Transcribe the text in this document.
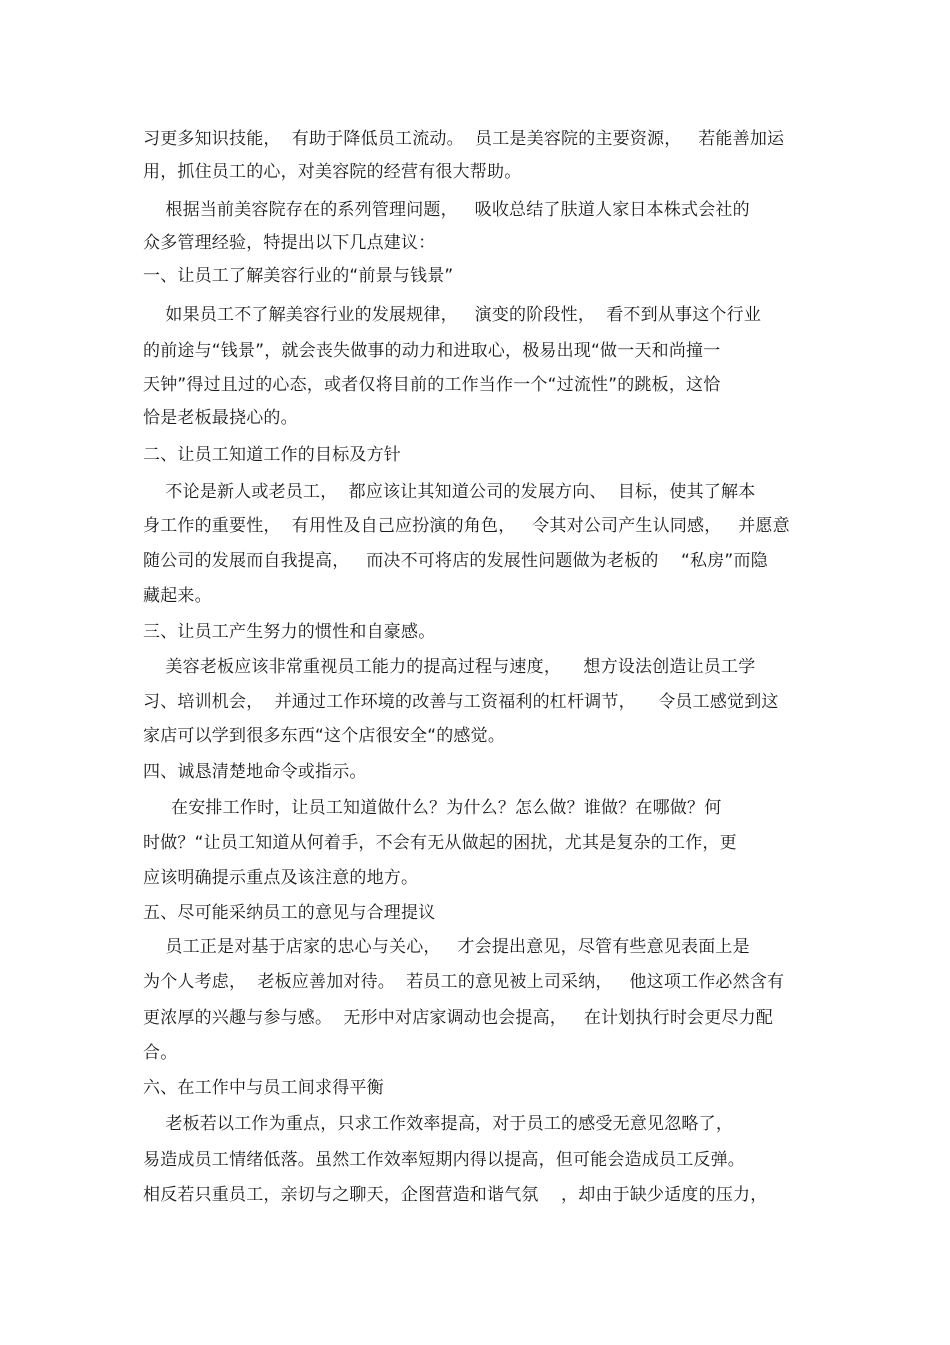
习更多知识技能，  有助于降低员工流动。  员工是美容院的主要资源，   若能善加运
用，抓住员工的心，对美容院的经营有很大帮助。
根据当前美容院存在的系列管理问题，   吸收总结了肤道人家日本株式会社的
众多管理经验，特提出以下几点建议：
一、让员工了解美容行业的“前景与钱景”
如果员工不了解美容行业的发展规律，   演变的阶段性，  看不到从事这个行业
的前途与“钱景”，就会丧失做事的动力和进取心，极易出现“做一天和尚撞一
天钟”得过且过的心态，或者仅将目前的工作当作一个“过流性”的跳板，这恰
恰是老板最挠心的。
二、让员工知道工作的目标及方针
不论是新人或老员工，  都应该让其知道公司的发展方向、  目标，使其了解本
身工作的重要性，  有用性及自己应扮演的角色，   令其对公司产生认同感，   并愿意
随公司的发展而自我提高，   而决不可将店的发展性问题做为老板的    “私房”而隐
藏起来。
三、让员工产生努力的惯性和自豪感。
美容老板应该非常重视员工能力的提高过程与速度，    想方设法创造让员工学
习、培训机会，  并通过工作环境的改善与工资福利的杠杆调节，    令员工感觉到这
家店可以学到很多东西“这个店很安全“的感觉。
四、诚恳清楚地命令或指示。
在安排工作时，让员工知道做什么？为什么？怎么做？谁做？在哪做？何
时做？“让员工知道从何着手，不会有无从做起的困扰，尤其是复杂的工作，更
应该明确提示重点及该注意的地方。
五、尽可能采纳员工的意见与合理提议
员工正是对基于店家的忠心与关心，   才会提出意见，尽管有些意见表面上是
为个人考虑，  老板应善加对待。  若员工的意见被上司采纳，   他这项工作必然含有
更浓厚的兴趣与参与感。  无形中对店家调动也会提高，   在计划执行时会更尽力配
合。
六、在工作中与员工间求得平衡
老板若以工作为重点，只求工作效率提高，对于员工的感受无意见忽略了，
易造成员工情绪低落。虽然工作效率短期内得以提高，但可能会造成员工反弹。
相反若只重员工，亲切与之聊天，企图营造和谐气氛    ，却由于缺少适度的压力，
